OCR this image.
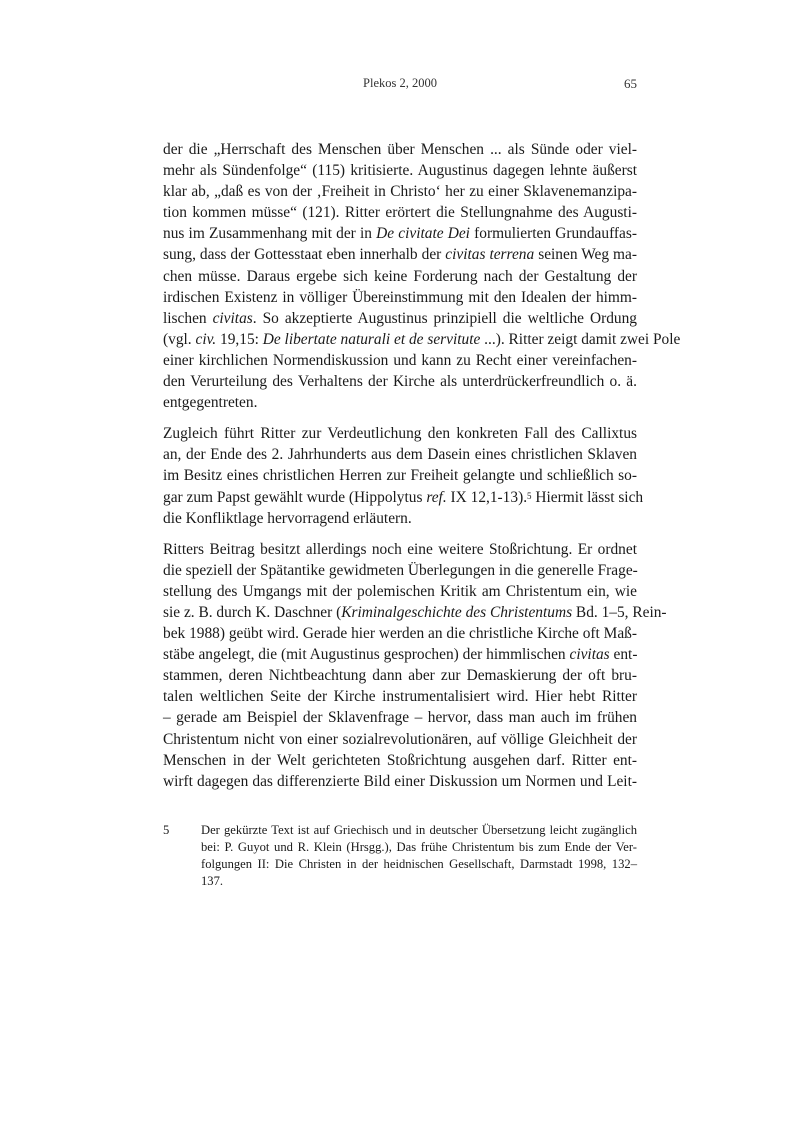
Plekos 2, 2000	65

der die „Herrschaft des Menschen über Menschen ... als Sünde oder viel-
mehr als Sündenfolge“ (115) kritisierte. Augustinus dagegen lehnte äußerst
klar ab, „daß es von der ‚Freiheit in Christo‘ her zu einer Sklavenemanzipa-
tion kommen müsse“ (121). Ritter erörtert die Stellungnahme des Augusti-
nus im Zusammenhang mit der in De civitate Dei formulierten Grundauffas-
sung, dass der Gottesstaat eben innerhalb der civitas terrena seinen Weg ma-
chen müsse. Daraus ergebe sich keine Forderung nach der Gestaltung der
irdischen Existenz in völliger Übereinstimmung mit den Idealen der himm-
lischen civitas. So akzeptierte Augustinus prinzipiell die weltliche Ordung
(vgl. civ. 19,15: De libertate naturali et de servitute ...). Ritter zeigt damit zwei Pole
einer kirchlichen Normendiskussion und kann zu Recht einer vereinfachen-
den Verurteilung des Verhaltens der Kirche als unterdrückerfreundlich o. ä.
entgegentreten.

Zugleich führt Ritter zur Verdeutlichung den konkreten Fall des Callixtus
an, der Ende des 2. Jahrhunderts aus dem Dasein eines christlichen Sklaven
im Besitz eines christlichen Herren zur Freiheit gelangte und schließlich so-
gar zum Papst gewählt wurde (Hippolytus ref. IX 12,1-13).$^5$ Hiermit lässt sich
die Konfliktlage hervorragend erläutern.

Ritters Beitrag besitzt allerdings noch eine weitere Stoßrichtung. Er ordnet
die speziell der Spätantike gewidmeten Überlegungen in die generelle Frage-
stellung des Umgangs mit der polemischen Kritik am Christentum ein, wie
sie z. B. durch K. Daschner (Kriminalgeschichte des Christentums Bd. 1–5, Rein-
bek 1988) geübt wird. Gerade hier werden an die christliche Kirche oft Maß-
stäbe angelegt, die (mit Augustinus gesprochen) der himmlischen civitas ent-
stammen, deren Nichtbeachtung dann aber zur Demaskierung der oft bru-
talen weltlichen Seite der Kirche instrumentalisiert wird. Hier hebt Ritter
– gerade am Beispiel der Sklavenfrage – hervor, dass man auch im frühen
Christentum nicht von einer sozialrevolutionären, auf völlige Gleichheit der
Menschen in der Welt gerichteten Stoßrichtung ausgehen darf. Ritter ent-
wirft dagegen das differenzierte Bild einer Diskussion um Normen und Leit-

5	Der gekürzte Text ist auf Griechisch und in deutscher Übersetzung leicht zugänglich
bei: P. Guyot und R. Klein (Hrsgg.), Das frühe Christentum bis zum Ende der Ver-
folgungen II: Die Christen in der heidnischen Gesellschaft, Darmstadt 1998, 132–
137.
